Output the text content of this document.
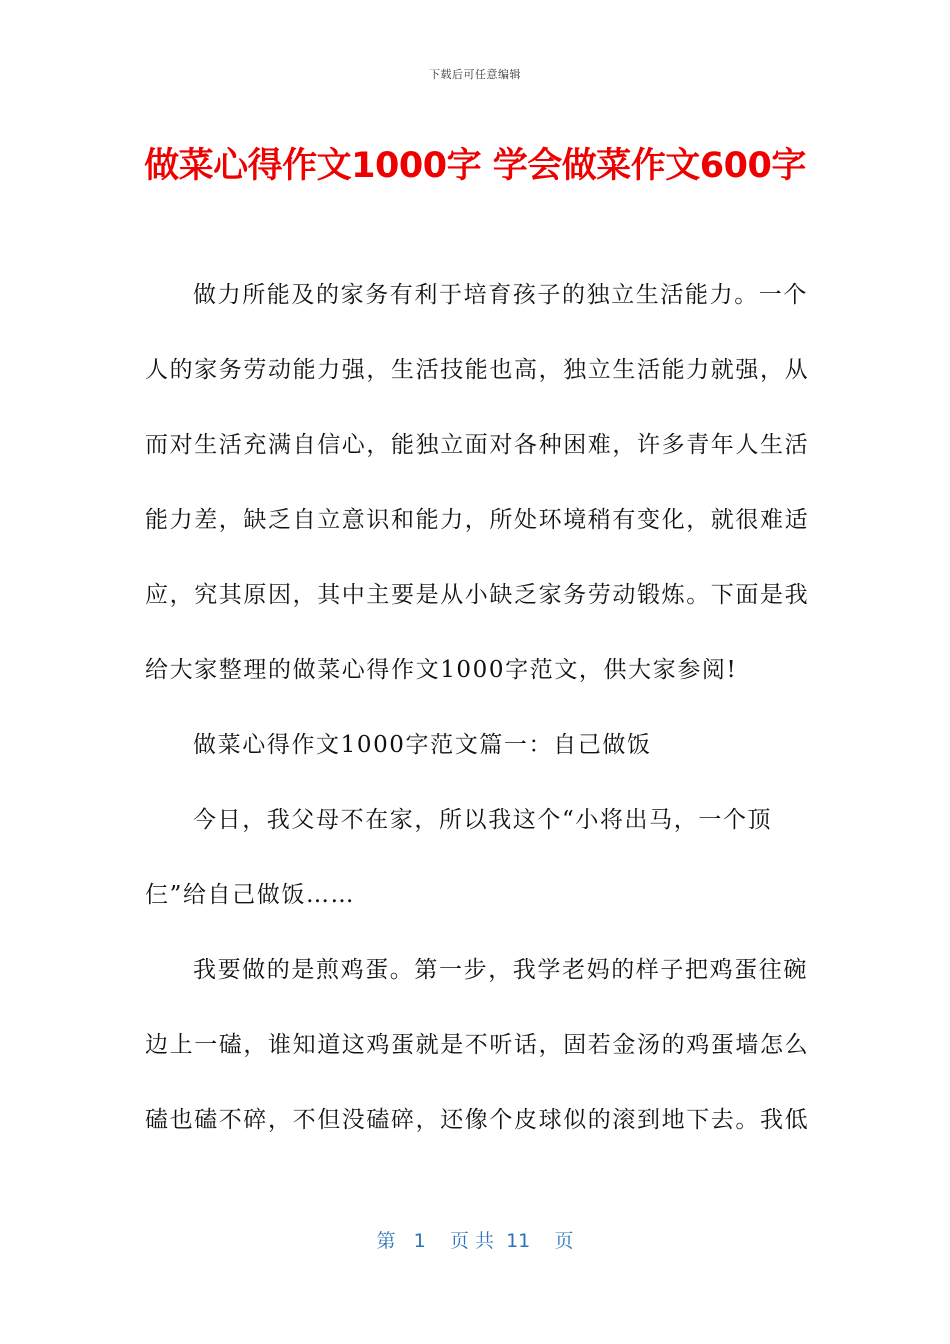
下载后可任意编辑
做菜心得作文1000字 学会做菜作文600字
做力所能及的家务有利于培育孩子的独立生活能力。一个
人的家务劳动能力强，生活技能也高，独立生活能力就强，从
而对生活充满自信心，能独立面对各种困难，许多青年人生活
能力差，缺乏自立意识和能力，所处环境稍有变化，就很难适
应，究其原因，其中主要是从小缺乏家务劳动锻炼。下面是我
给大家整理的做菜心得作文1000字范文，供大家参阅!
做菜心得作文1000字范文篇一：自己做饭
今日，我父母不在家，所以我这个“小将出马，一个顶
仨”给自己做饭……
我要做的是煎鸡蛋。第一步，我学老妈的样子把鸡蛋往碗
边上一磕，谁知道这鸡蛋就是不听话，固若金汤的鸡蛋墙怎么
磕也磕不碎，不但没磕碎，还像个皮球似的滚到地下去。我低
第 1 页 共 11 页
